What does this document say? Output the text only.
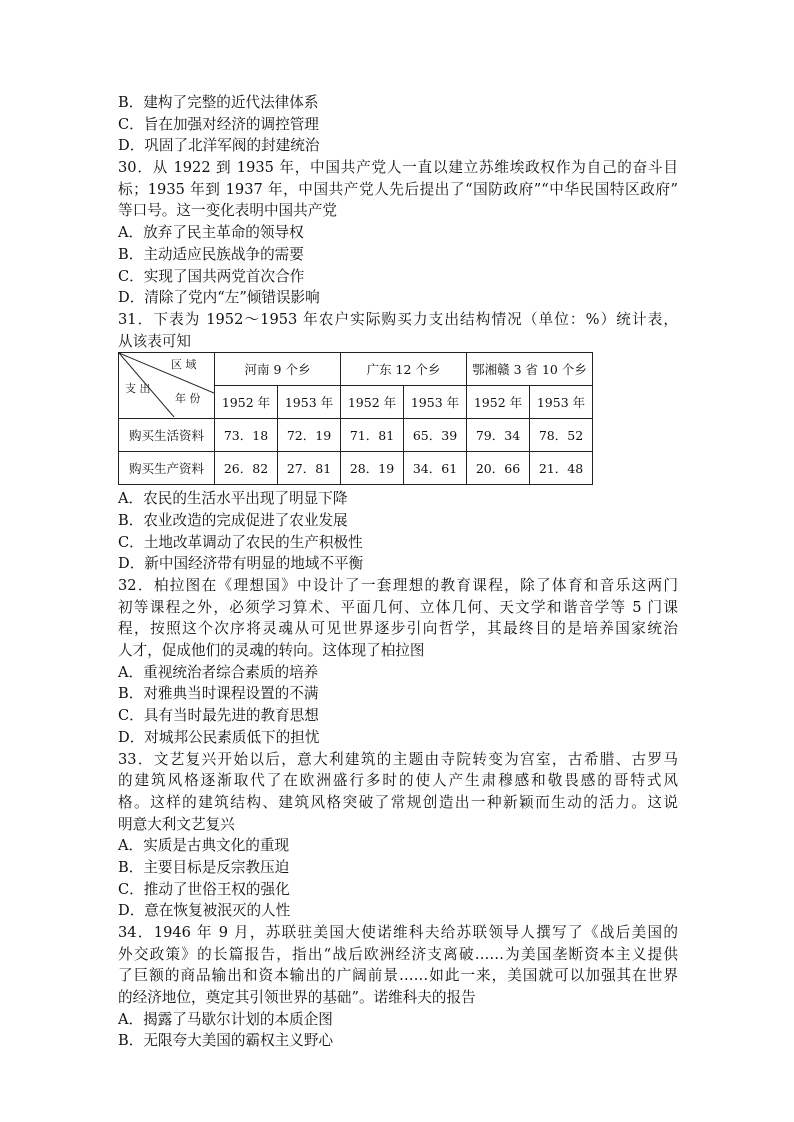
B．建构了完整的近代法律体系
C．旨在加强对经济的调控管理
D．巩固了北洋军阀的封建统治
30．从 1922 到 1935 年，中国共产党人一直以建立苏维埃政权作为自己的奋斗目
标；1935 年到 1937 年，中国共产党人先后提出了“国防政府”“中华民国特区政府”
等口号。这一变化表明中国共产党
A．放弃了民主革命的领导权
B．主动适应民族战争的需要
C．实现了国共两党首次合作
D．清除了党内“左”倾错误影响
31．下表为 1952～1953 年农户实际购买力支出结构情况（单位：%）统计表，
从该表可知
区 域
年 份
支 出	河南 9 个乡		广东 12 个乡		鄂湘赣 3 省 10 个乡	
	1952 年	1953 年	1952 年	1953 年	1952 年	1953 年
购买生活资料	73．18	72．19	71．81	65．39	79．34	78．52
购买生产资料	26．82	27．81	28．19	34．61	20．66	21．48
A．农民的生活水平出现了明显下降
B．农业改造的完成促进了农业发展
C．土地改革调动了农民的生产积极性
D．新中国经济带有明显的地域不平衡
32．柏拉图在《理想国》中设计了一套理想的教育课程，除了体育和音乐这两门
初等课程之外，必须学习算术、平面几何、立体几何、天文学和谐音学等 5 门课
程，按照这个次序将灵魂从可见世界逐步引向哲学，其最终目的是培养国家统治
人才，促成他们的灵魂的转向。这体现了柏拉图
A．重视统治者综合素质的培养
B．对雅典当时课程设置的不满
C．具有当时最先进的教育思想
D．对城邦公民素质低下的担忧
33．文艺复兴开始以后，意大利建筑的主题由寺院转变为宫室，古希腊、古罗马
的建筑风格逐渐取代了在欧洲盛行多时的使人产生肃穆感和敬畏感的哥特式风
格。这样的建筑结构、建筑风格突破了常规创造出一种新颖而生动的活力。这说
明意大利文艺复兴
A．实质是古典文化的重现
B．主要目标是反宗教压迫
C．推动了世俗王权的强化
D．意在恢复被泯灭的人性
34．1946 年 9 月，苏联驻美国大使诺维科夫给苏联领导人撰写了《战后美国的
外交政策》的长篇报告，指出“战后欧洲经济支离破……为美国垄断资本主义提供
了巨额的商品输出和资本输出的广阔前景……如此一来，美国就可以加强其在世界
的经济地位，奠定其引领世界的基础”。诺维科夫的报告
A．揭露了马歇尔计划的本质企图
B．无限夸大美国的霸权主义野心
